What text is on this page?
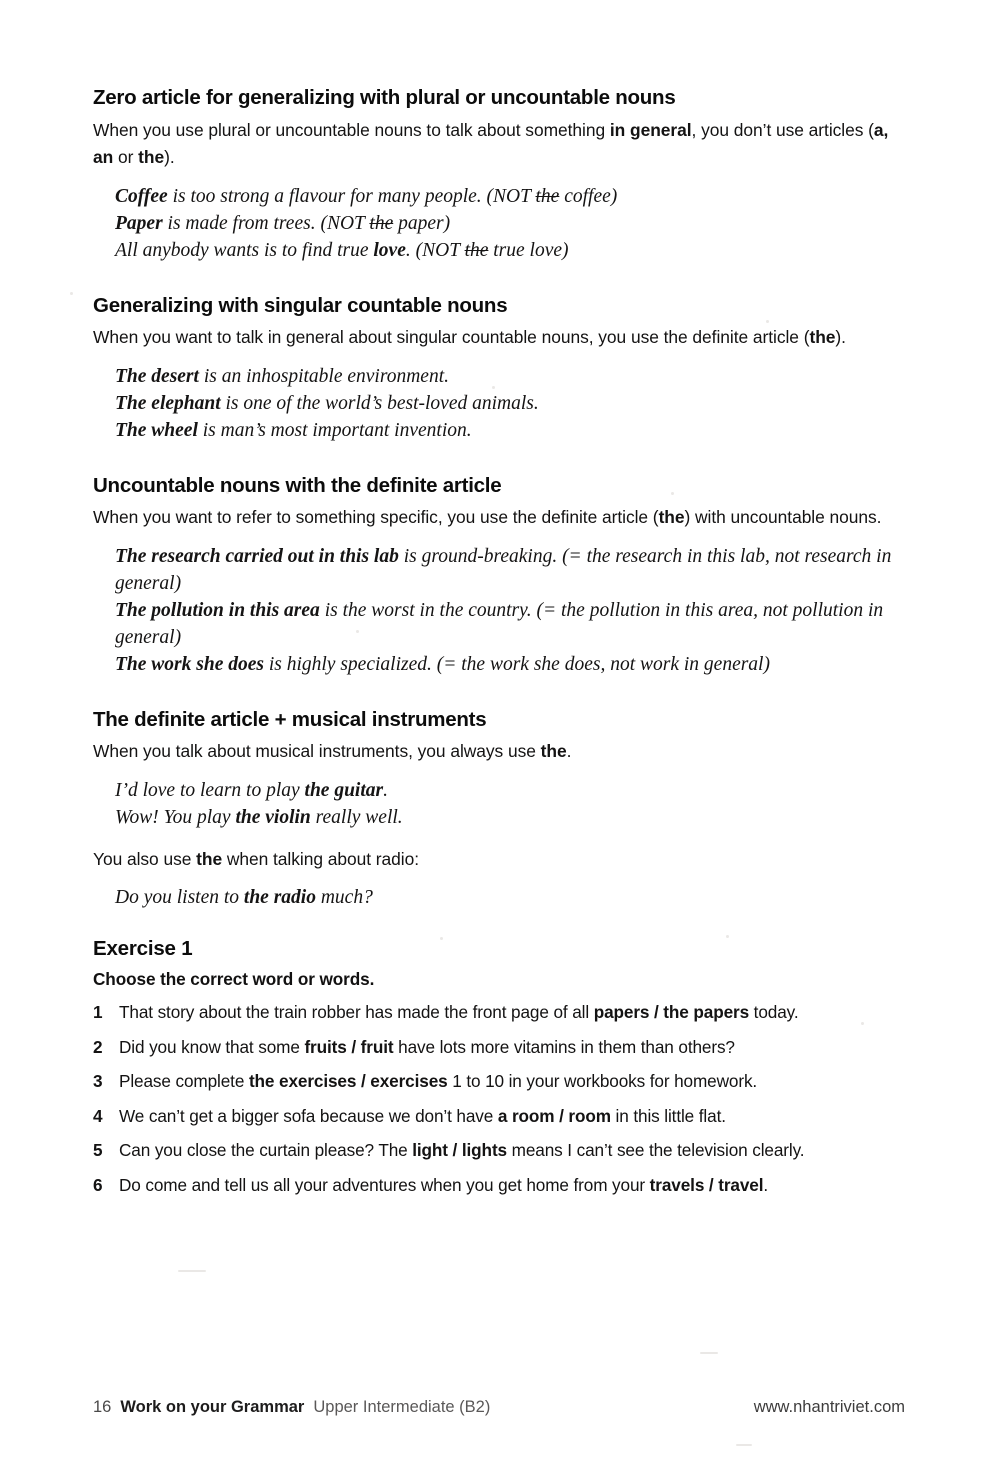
Zero article for generalizing with plural or uncountable nouns

When you use plural or uncountable nouns to talk about something in general, you don’t use articles (a, an or the).

Coffee is too strong a flavour for many people. (NOT the coffee)
Paper is made from trees. (NOT the paper)
All anybody wants is to find true love. (NOT the true love)
Generalizing with singular countable nouns

When you want to talk in general about singular countable nouns, you use the definite article (the).

The desert is an inhospitable environment.
The elephant is one of the world’s best-loved animals.
The wheel is man’s most important invention.
Uncountable nouns with the definite article

When you want to refer to something specific, you use the definite article (the) with uncountable nouns.

The research carried out in this lab is ground-breaking. (= the research in this lab, not research in general)
The pollution in this area is the worst in the country. (= the pollution in this area, not pollution in general)
The work she does is highly specialized. (= the work she does, not work in general)
The definite article + musical instruments

When you talk about musical instruments, you always use the.

I’d love to learn to play the guitar.
Wow! You play the violin really well.

You also use the when talking about radio:

Do you listen to the radio much?
Exercise 1

Choose the correct word or words.

1 That story about the train robber has made the front page of all papers / the papers today.
2 Did you know that some fruits / fruit have lots more vitamins in them than others?
3 Please complete the exercises / exercises 1 to 10 in your workbooks for homework.
4 We can’t get a bigger sofa because we don’t have a room / room in this little flat.
5 Can you close the curtain please? The light / lights means I can’t see the television clearly.
6 Do come and tell us all your adventures when you get home from your travels / travel.
16 Work on your Grammar Upper Intermediate (B2)	www.nhantriviet.com
